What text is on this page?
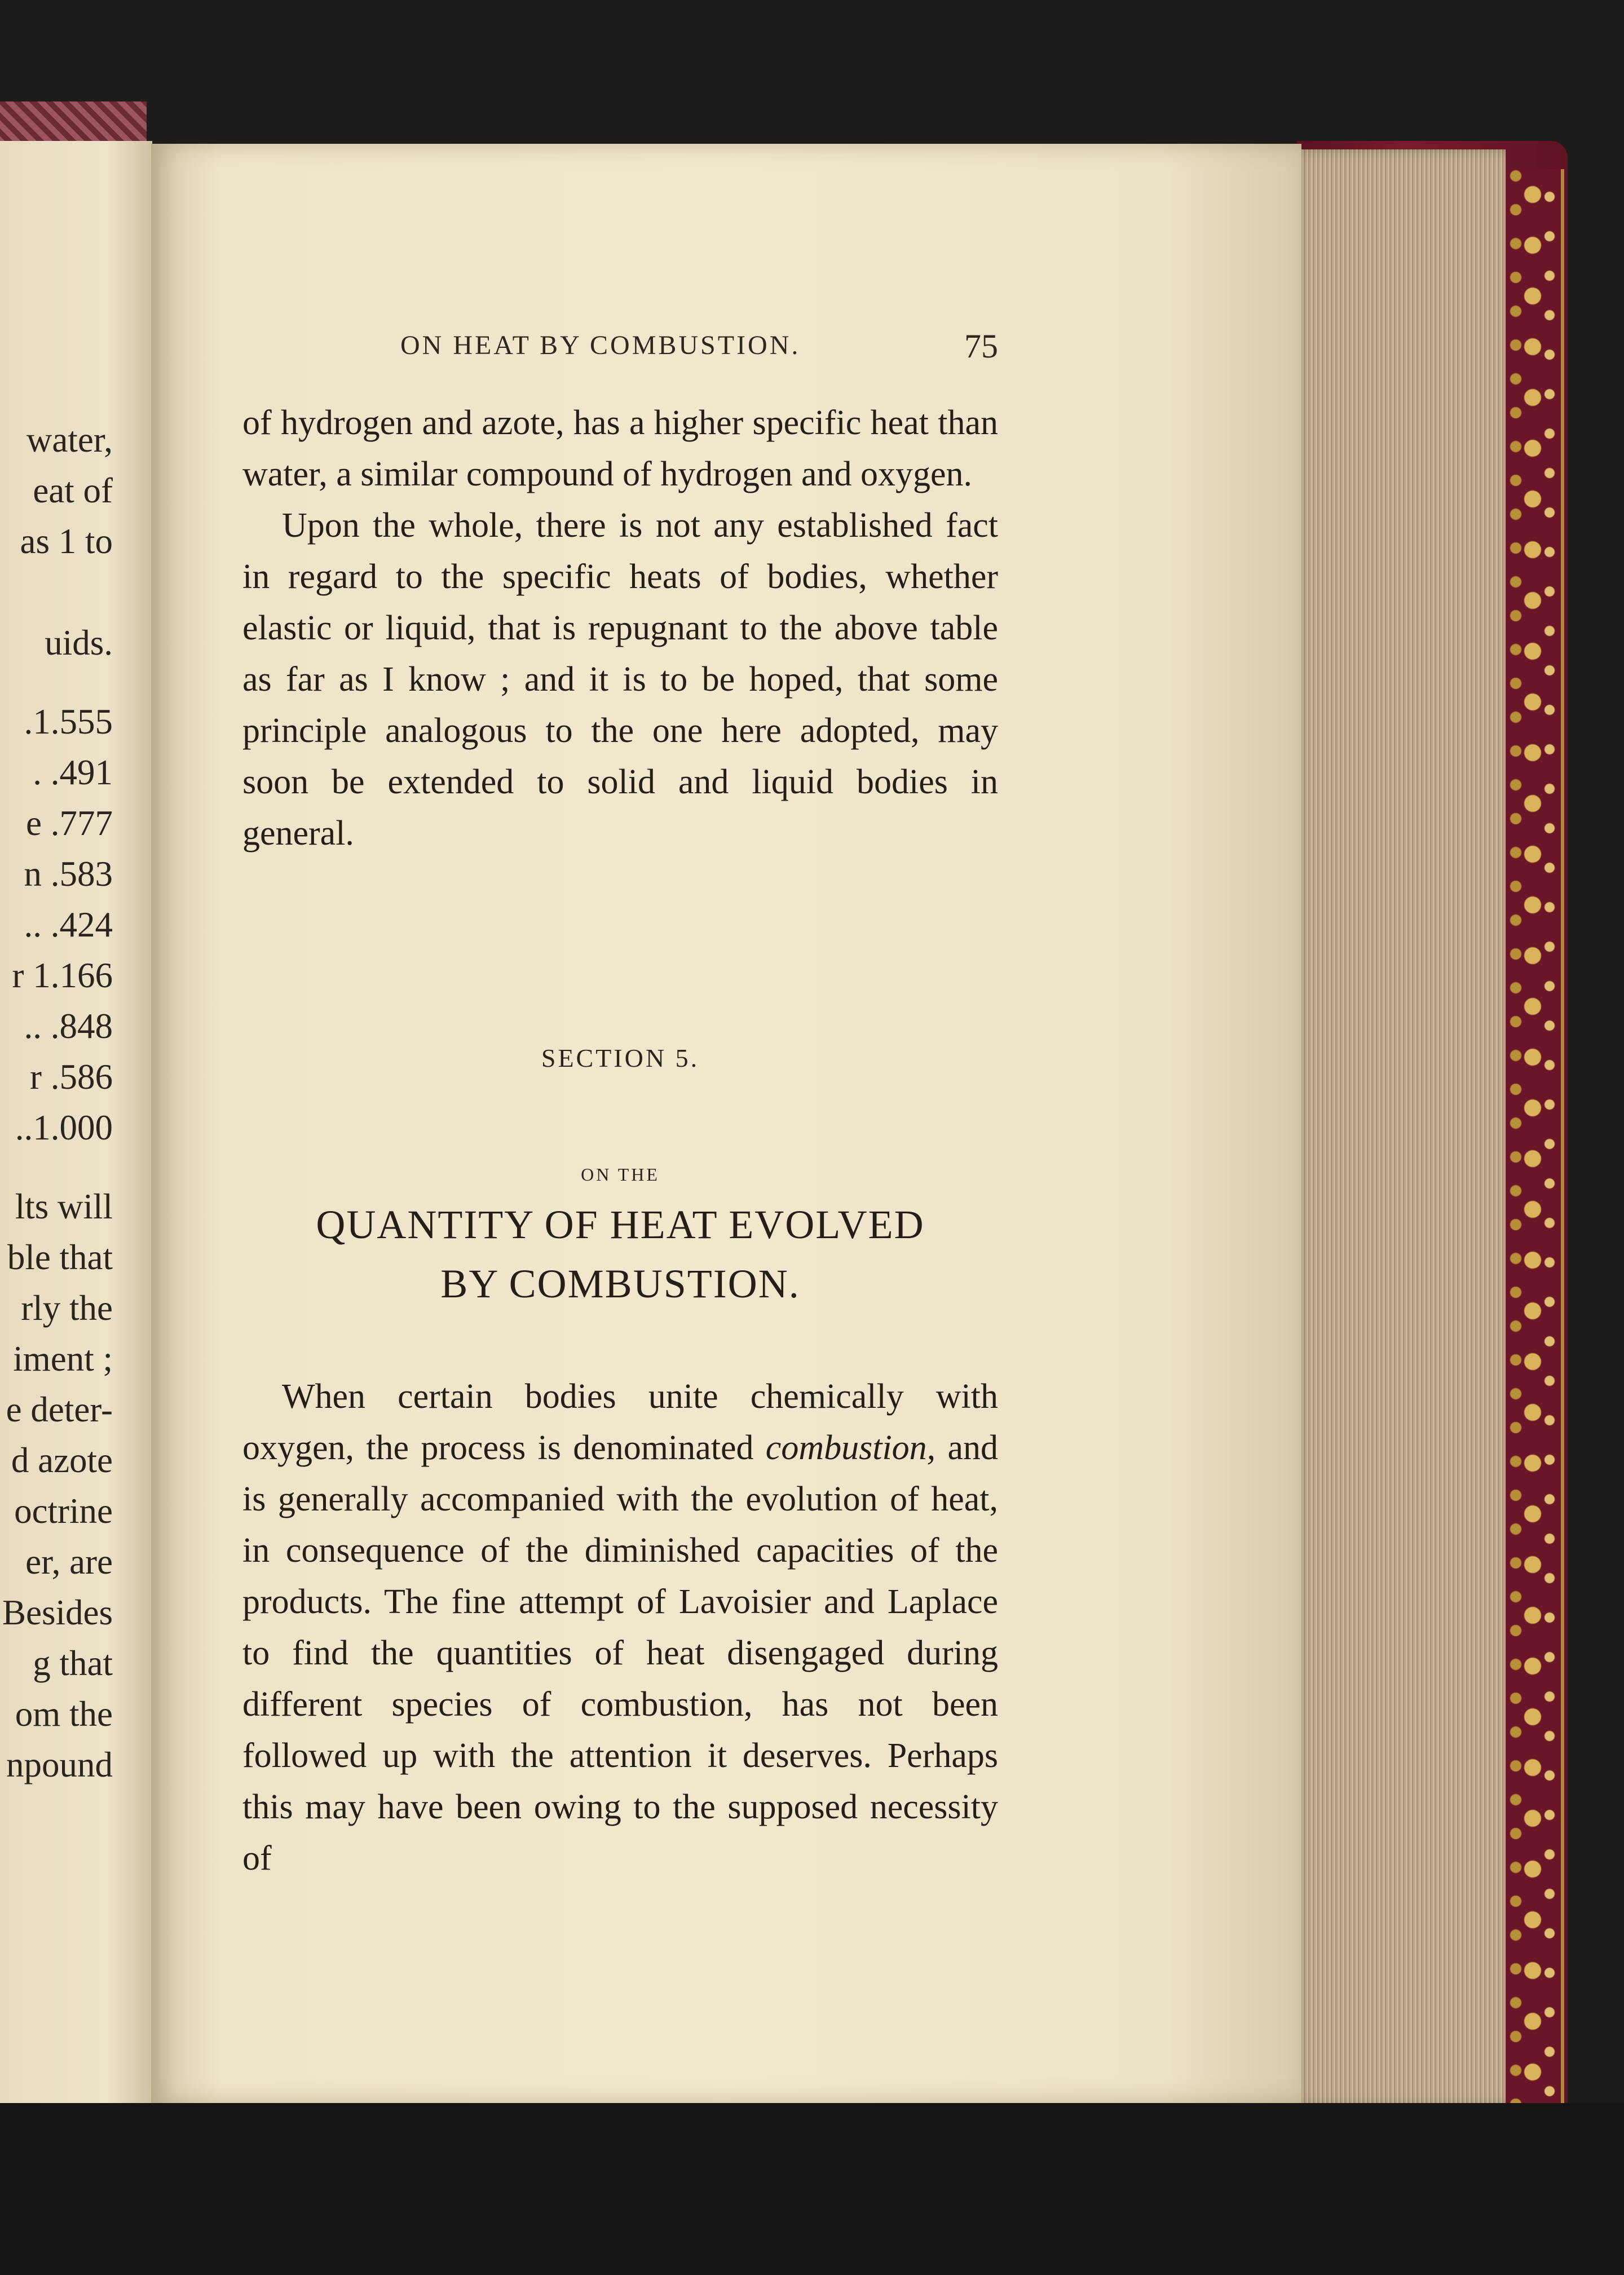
water,
eat of
as 1 to
uids.
.1.555
. .491
e .777
n .583
.. .424
r 1.166
.. .848
r .586
..1.000
lts will
ble that
rly the
iment ;
e deter-
d azote
octrine
er, are
Besides
g that
om the
npound
ON HEAT BY COMBUSTION.	75

of hydrogen and azote, has a higher specific heat than water, a similar compound of hydrogen and oxygen.

Upon the whole, there is not any established fact in regard to the specific heats of bodies, whether elastic or liquid, that is repugnant to the above table as far as I know ; and it is to be hoped, that some principle analogous to the one here adopted, may soon be extended to solid and liquid bodies in general.

SECTION 5.
ON THE
QUANTITY OF HEAT EVOLVED
BY COMBUSTION.

When certain bodies unite chemically with oxygen, the process is denominated combustion, and is generally accompanied with the evolution of heat, in consequence of the diminished capacities of the products. The fine attempt of Lavoisier and Laplace to find the quantities of heat disengaged during different species of combustion, has not been followed up with the attention it deserves. Perhaps this may have been owing to the supposed necessity of
